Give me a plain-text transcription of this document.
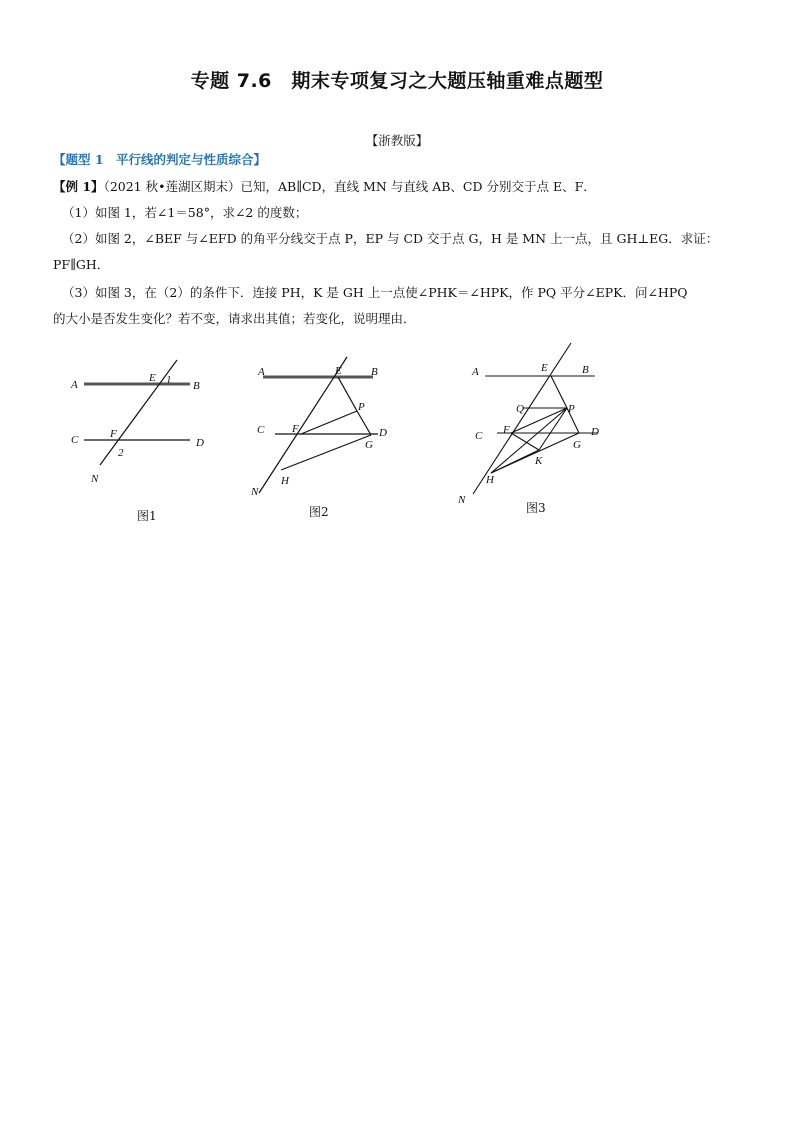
专题 7.6　期末专项复习之大题压轴重难点题型
【浙教版】
【题型 1　平行线的判定与性质综合】
【例 1】（2021 秋•莲湖区期末）已知，AB∥CD，直线 MN 与直线 AB、CD 分别交于点 E、F．
（1）如图 1，若∠1＝58°，求∠2 的度数；
（2）如图 2，∠BEF 与∠EFD 的角平分线交于点 P，EP 与 CD 交于点 G，H 是 MN 上一点，且 GH⊥EG．求证：
PF∥GH．
（3）如图 3，在（2）的条件下．连接 PH，K 是 GH 上一点使∠PHK＝∠HPK，作 PQ 平分∠EPK．问∠HPQ
的大小是否发生变化？若不变，请求出其值；若变化，说明理由．
A	B
E 1
C	D
F
2
N
图1
A	B
E
P
C	D
F
G
H
N
图2
A	B
E
Q	P
C F	D
G
K
H
N
图3
